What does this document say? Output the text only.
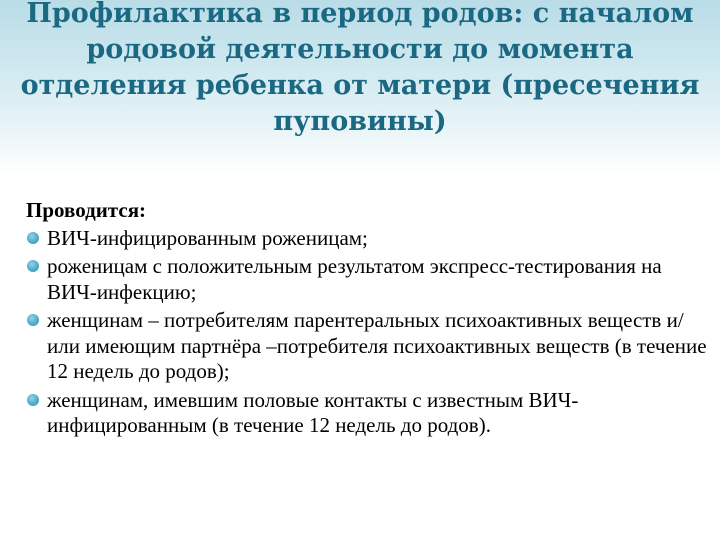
Профилактика в период родов: с началом родовой деятельности до момента отделения ребенка от матери (пресечения пуповины)
Проводится:
ВИЧ-инфицированным роженицам;
роженицам с положительным результатом экспресс-тестирования на ВИЧ-инфекцию;
женщинам – потребителям парентеральных психоактивных веществ и/или имеющим партнёра –потребителя психоактивных веществ (в течение 12 недель до родов);
женщинам, имевшим половые контакты с известным ВИЧ-инфицированным (в течение 12 недель до родов).
